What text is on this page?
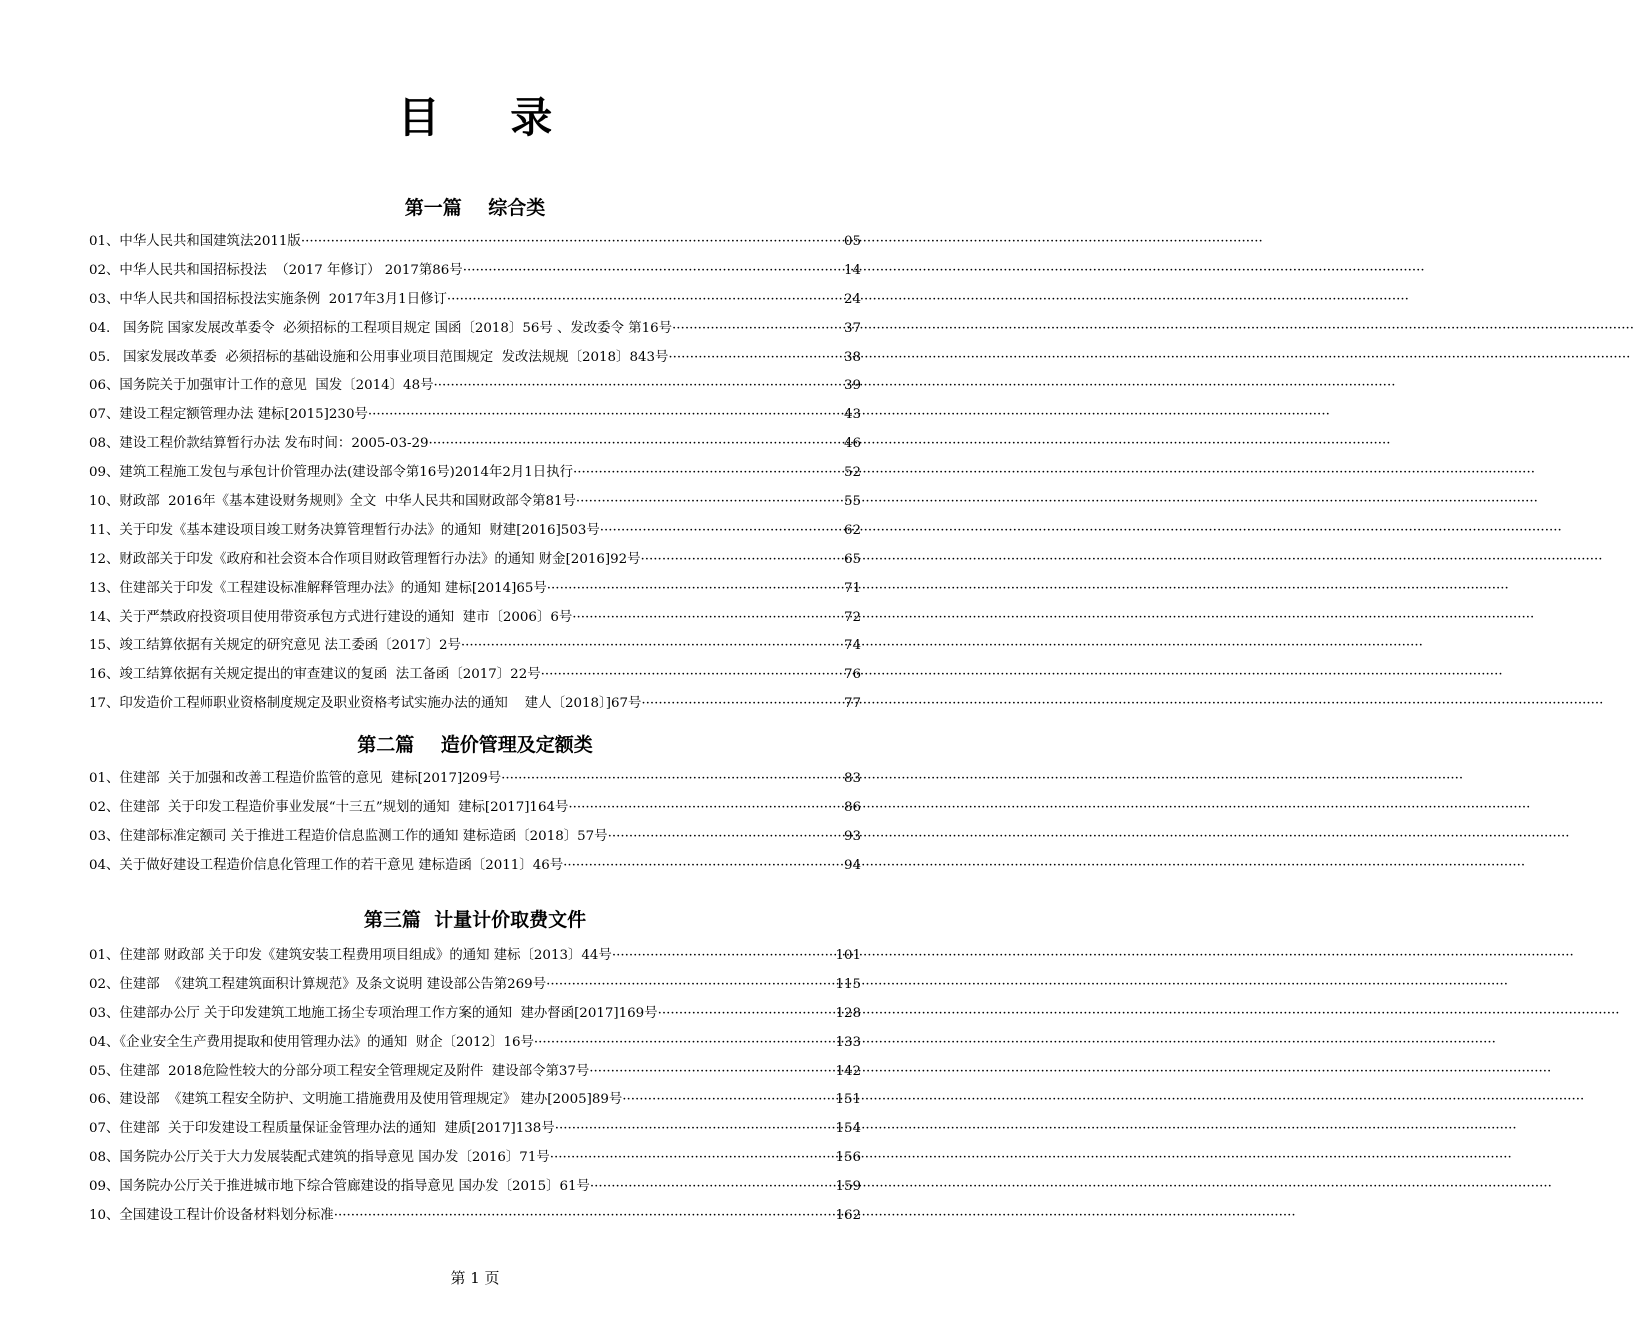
目 录
第一篇    综合类
01、中华人民共和国建筑法2011版 ·····	05
02、中华人民共和国招标投法  （2017 年修订） 2017第86号 ·····	14
03、中华人民共和国招标投法实施条例  2017年3月1日修订 ·····	24
04.   国务院 国家发展改革委令  必须招标的工程项目规定 国函〔2018〕56号 、发改委令 第16号 ·····	37
05.   国家发展改革委  必须招标的基础设施和公用事业项目范围规定  发改法规规〔2018〕843号 ·····	38
06、国务院关于加强审计工作的意见  国发〔2014〕48号 ·····	39
07、建设工程定额管理办法 建标[2015]230号 ·····	43
08、建设工程价款结算暂行办法 发布时间：2005-03-29 ·····	46
09、建筑工程施工发包与承包计价管理办法(建设部令第16号)2014年2月1日执行 ·····	52
10、财政部  2016年《基本建设财务规则》全文  中华人民共和国财政部令第81号 ·····	55
11、关于印发《基本建设项目竣工财务决算管理暂行办法》的通知  财建[2016]503号 ·····	62
12、财政部关于印发《政府和社会资本合作项目财政管理暂行办法》的通知 财金[2016]92号 ·····	65
13、住建部关于印发《工程建设标准解释管理办法》的通知 建标[2014]65号 ·····	71
14、关于严禁政府投资项目使用带资承包方式进行建设的通知  建市〔2006〕6号 ·····	72
15、竣工结算依据有关规定的研究意见 法工委函〔2017〕2号 ·····	74
16、竣工结算依据有关规定提出的审查建议的复函  法工备函〔2017〕22号 ·····	76
17、印发造价工程师职业资格制度规定及职业资格考试实施办法的通知    建人〔2018〕]67号 ·····	77
第二篇    造价管理及定额类
01、住建部  关于加强和改善工程造价监管的意见  建标[2017]209号 ·····	83
02、住建部  关于印发工程造价事业发展“十三五”规划的通知  建标[2017]164号 ·····	86
03、住建部标准定额司 关于推进工程造价信息监测工作的通知 建标造函〔2018〕57号 ·····	93
04、关于做好建设工程造价信息化管理工作的若干意见 建标造函〔2011〕46号 ·····	94
第三篇  计量计价取费文件
01、住建部 财政部 关于印发《建筑安装工程费用项目组成》的通知 建标〔2013〕44号 ·····	101
02、住建部  《建筑工程建筑面积计算规范》及条文说明 建设部公告第269号 ·····	115
03、住建部办公厅 关于印发建筑工地施工扬尘专项治理工作方案的通知  建办督函[2017]169号 ·····	128
04、《企业安全生产费用提取和使用管理办法》的通知  财企〔2012〕16号 ·····	133
05、住建部  2018危险性较大的分部分项工程安全管理规定及附件  建设部令第37号 ·····	142
06、建设部  《建筑工程安全防护、文明施工措施费用及使用管理规定》 建办[2005]89号 ·····	151
07、住建部  关于印发建设工程质量保证金管理办法的通知  建质[2017]138号 ·····	154
08、国务院办公厅关于大力发展装配式建筑的指导意见 国办发〔2016〕71号 ·····	156
09、国务院办公厅关于推进城市地下综合管廊建设的指导意见 国办发〔2015〕61号 ·····	159
10、全国建设工程计价设备材料划分标准 ·····	162
第 1 页
